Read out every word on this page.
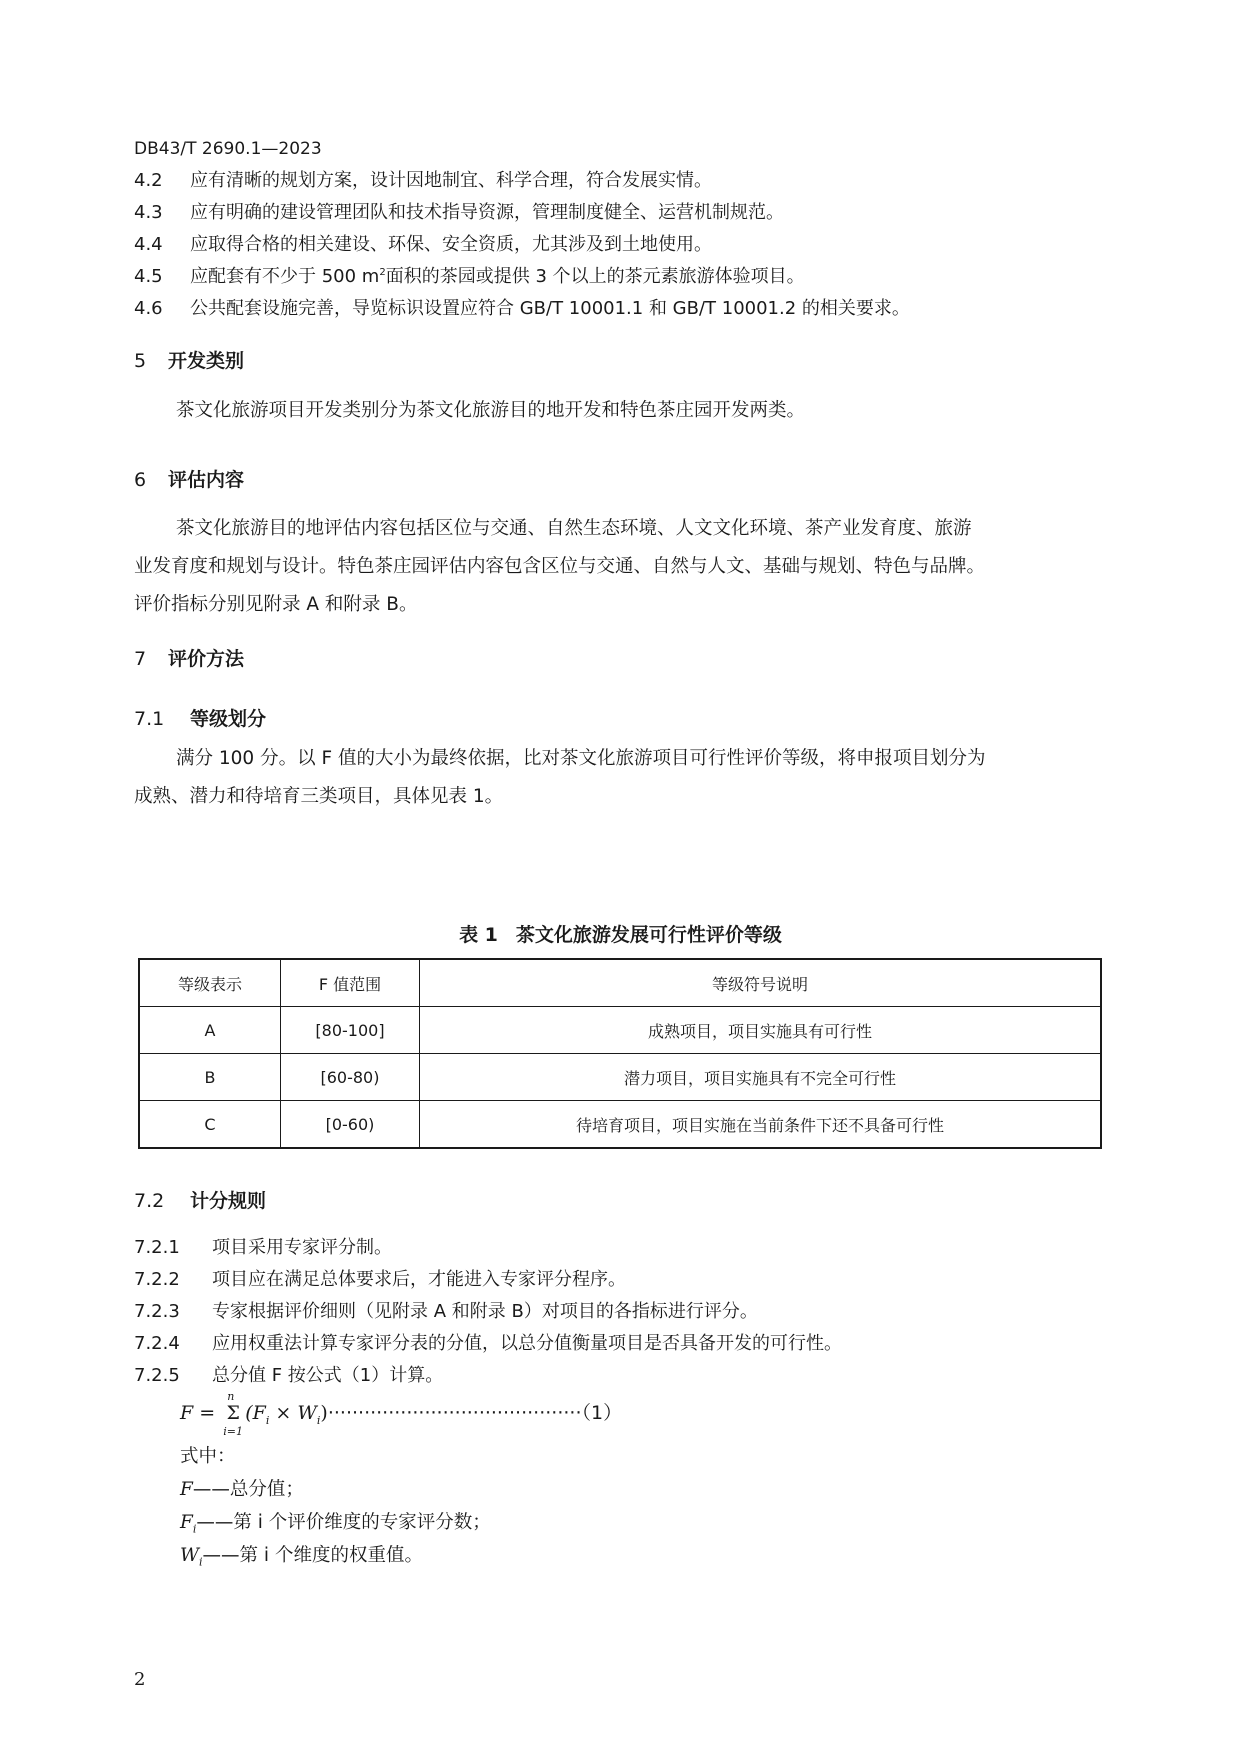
DB43/T 2690.1—2023
4.2 应有清晰的规划方案，设计因地制宜、科学合理，符合发展实情。
4.3 应有明确的建设管理团队和技术指导资源，管理制度健全、运营机制规范。
4.4 应取得合格的相关建设、环保、安全资质，尤其涉及到土地使用。
4.5 应配套有不少于 500 $m^2$面积的茶园或提供 3 个以上的茶元素旅游体验项目。
4.6 公共配套设施完善，导览标识设置应符合 GB/T 10001.1 和 GB/T 10001.2 的相关要求。
5 开发类别
茶文化旅游项目开发类别分为茶文化旅游目的地开发和特色茶庄园开发两类。
6 评估内容
茶文化旅游目的地评估内容包括区位与交通、自然生态环境、人文文化环境、茶产业发育度、旅游
业发育度和规划与设计。特色茶庄园评估内容包含区位与交通、自然与人文、基础与规划、特色与品牌。
评价指标分别见附录 A 和附录 B。
7 评价方法
7.1 等级划分
满分 100 分。以 F 值的大小为最终依据，比对茶文化旅游项目可行性评价等级，将申报项目划分为
成熟、潜力和待培育三类项目，具体见表 1。
表 1 茶文化旅游发展可行性评价等级
等级表示	F 值范围	等级符号说明
A	[80-100]	成熟项目，项目实施具有可行性
B	[60-80)	潜力项目，项目实施具有不完全可行性
C	[0-60)	待培育项目，项目实施在当前条件下还不具备可行性
7.2 计分规则
7.2.1 项目采用专家评分制。
7.2.2 项目应在满足总体要求后，才能进入专家评分程序。
7.2.3 专家根据评价细则（见附录 A 和附录 B）对项目的各指标进行评分。
7.2.4 应用权重法计算专家评分表的分值，以总分值衡量项目是否具备开发的可行性。
7.2.5 总分值 F 按公式（1）计算。
F =
n
Σ
i=1
$(F_i \times W_i)\cdot\cdot\cdot\cdot\cdot\cdot\cdot\cdot\cdot\cdot\cdot\cdot\cdot\cdot\cdot\cdot\cdot\cdot\cdot\cdot\cdot\cdot\cdot\cdot\cdot\cdot\cdot\cdot\cdot\cdot\cdot\cdot\cdot\cdot\cdot\cdot\cdot\cdot\cdot\cdot\cdot\cdot(1)$
式中：
F——总分值；
$F_i——$第 i 个评价维度的专家评分数；
$W_i——$第 i 个维度的权重值。
2
